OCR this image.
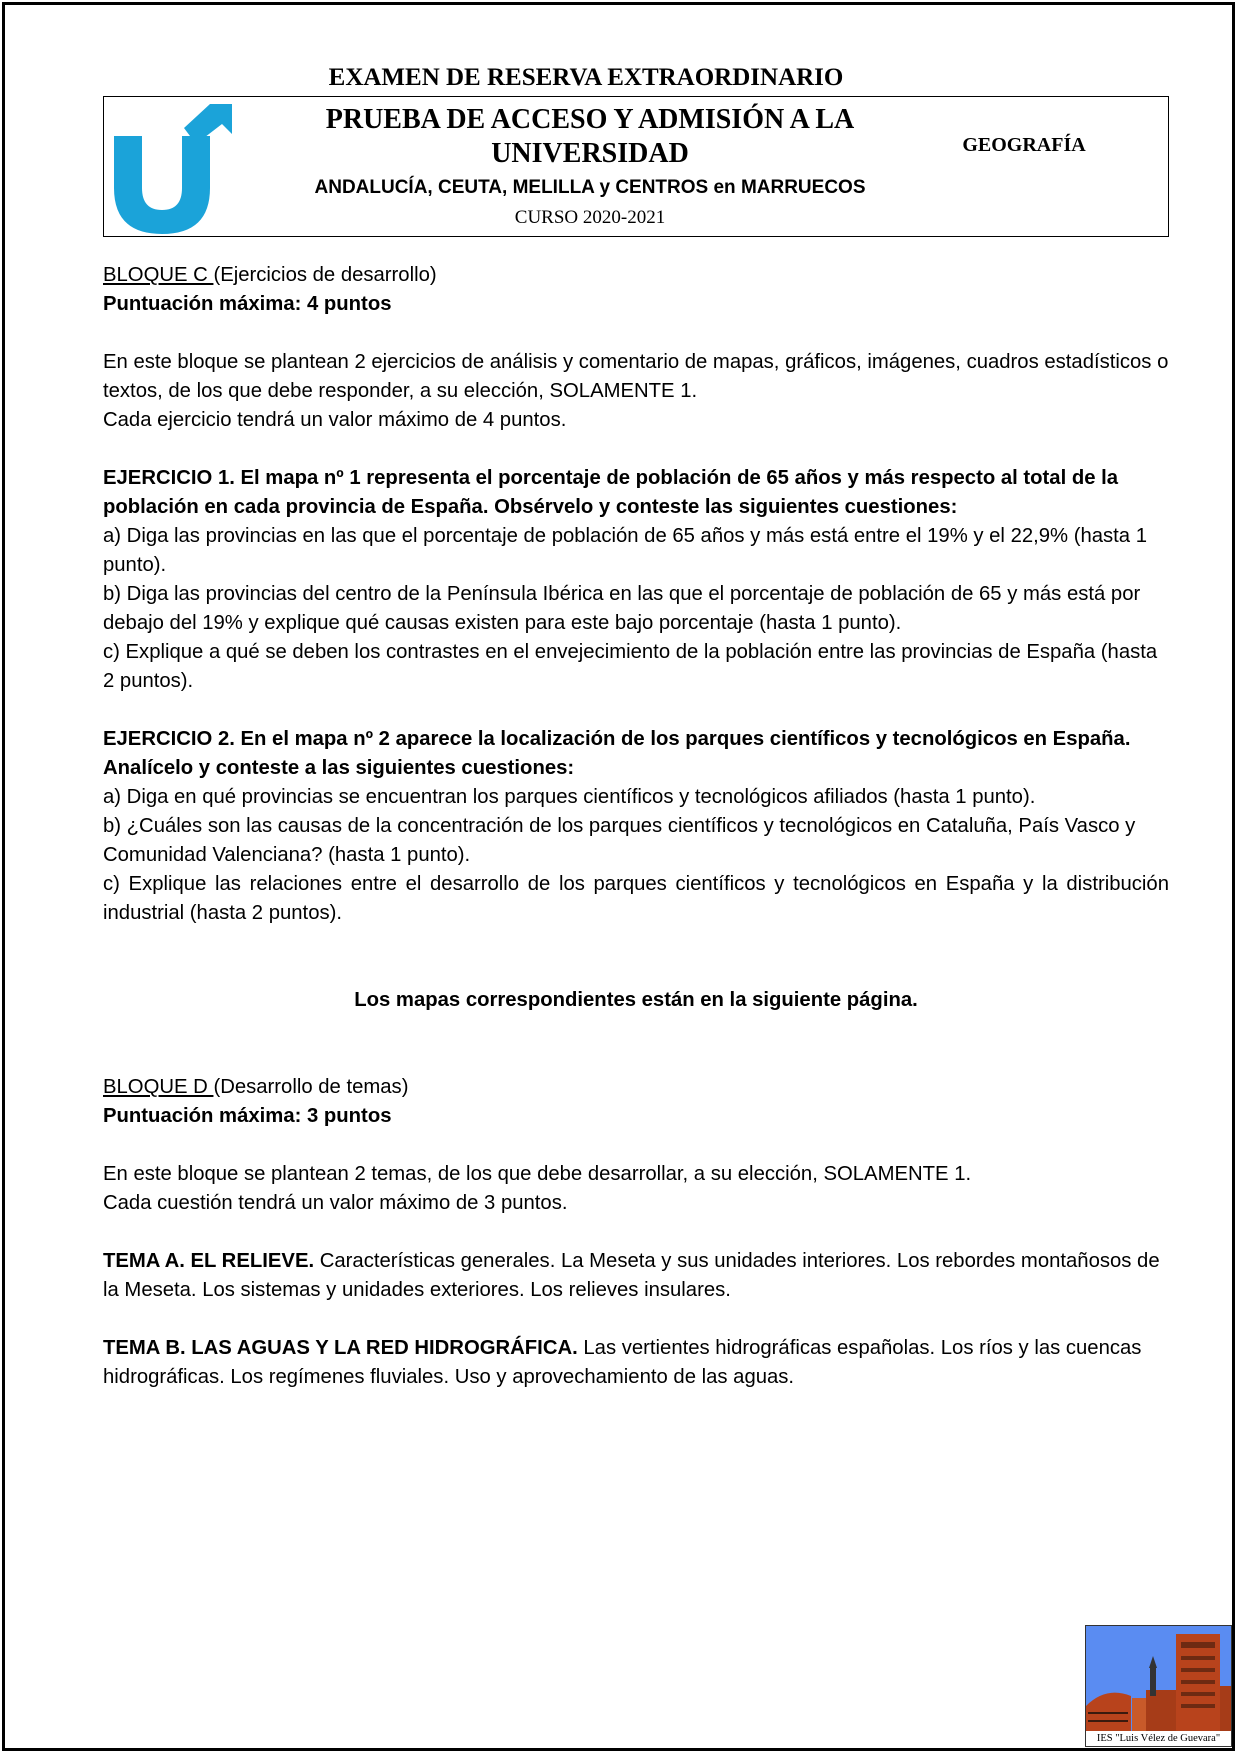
EXAMEN DE RESERVA EXTRAORDINARIO
PRUEBA DE ACCESO Y ADMISIÓN A LA
UNIVERSIDAD
ANDALUCÍA, CEUTA, MELILLA y CENTROS en MARRUECOS
CURSO 2020-2021
GEOGRAFÍA

BLOQUE C (Ejercicios de desarrollo)

Puntuación máxima: 4 puntos

En este bloque se plantean 2 ejercicios de análisis y comentario de mapas, gráficos, imágenes, cuadros estadísticos o textos, de los que debe responder, a su elección, SOLAMENTE 1.

Cada ejercicio tendrá un valor máximo de 4 puntos.

EJERCICIO 1. El mapa nº 1 representa el porcentaje de población de 65 años y más respecto al total de la población en cada provincia de España. Obsérvelo y conteste las siguientes cuestiones:

a) Diga las provincias en las que el porcentaje de población de 65 años y más está entre el 19% y el 22,9% (hasta 1 punto).

b) Diga las provincias del centro de la Península Ibérica en las que el porcentaje de población de 65 y más está por debajo del 19% y explique qué causas existen para este bajo porcentaje (hasta 1 punto).

c) Explique a qué se deben los contrastes en el envejecimiento de la población entre las provincias de España (hasta 2 puntos).

EJERCICIO 2. En el mapa nº 2 aparece la localización de los parques científicos y tecnológicos en España. Analícelo y conteste a las siguientes cuestiones:

a) Diga en qué provincias se encuentran los parques científicos y tecnológicos afiliados (hasta 1 punto).

b) ¿Cuáles son las causas de la concentración de los parques científicos y tecnológicos en Cataluña, País Vasco y Comunidad Valenciana? (hasta 1 punto).

c) Explique las relaciones entre el desarrollo de los parques científicos y tecnológicos en España y la distribución industrial (hasta 2 puntos).

Los mapas correspondientes están en la siguiente página.

BLOQUE D (Desarrollo de temas)

Puntuación máxima: 3 puntos

En este bloque se plantean 2 temas, de los que debe desarrollar, a su elección, SOLAMENTE 1.

Cada cuestión tendrá un valor máximo de 3 puntos.

TEMA A. EL RELIEVE. Características generales. La Meseta y sus unidades interiores. Los rebordes montañosos de la Meseta. Los sistemas y unidades exteriores. Los relieves insulares.

TEMA B. LAS AGUAS Y LA RED HIDROGRÁFICA. Las vertientes hidrográficas españolas. Los ríos y las cuencas hidrográficas. Los regímenes fluviales. Uso y aprovechamiento de las aguas.

IES "Luis Vélez de Guevara"
